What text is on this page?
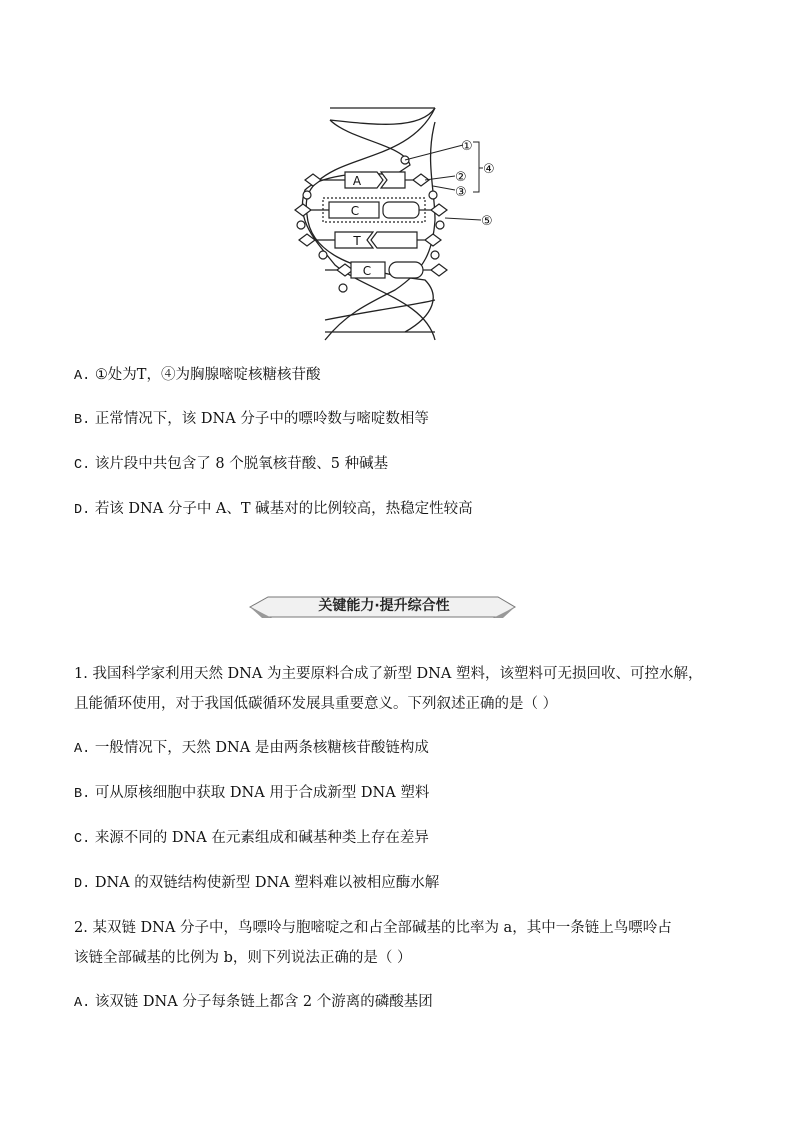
A
C
T
C
①
②
③
④
⑤
A. ①处为T，④为胸腺嘧啶核糖核苷酸
B. 正常情况下，该 DNA 分子中的嘌呤数与嘧啶数相等
C. 该片段中共包含了 8 个脱氧核苷酸、5 种碱基
D. 若该 DNA 分子中 A、T 碱基对的比例较高，热稳定性较高
关键能力·提升综合性
1. 我国科学家利用天然 DNA 为主要原料合成了新型 DNA 塑料，该塑料可无损回收、可控水解，
且能循环使用，对于我国低碳循环发展具重要意义。下列叙述正确的是（ ）
A. 一般情况下，天然 DNA 是由两条核糖核苷酸链构成
B. 可从原核细胞中获取 DNA 用于合成新型 DNA 塑料
C. 来源不同的 DNA 在元素组成和碱基种类上存在差异
D. DNA 的双链结构使新型 DNA 塑料难以被相应酶水解
2. 某双链 DNA 分子中，鸟嘌呤与胞嘧啶之和占全部碱基的比率为 a，其中一条链上鸟嘌呤占
该链全部碱基的比例为 b，则下列说法正确的是（ ）
A. 该双链 DNA 分子每条链上都含 2 个游离的磷酸基团
